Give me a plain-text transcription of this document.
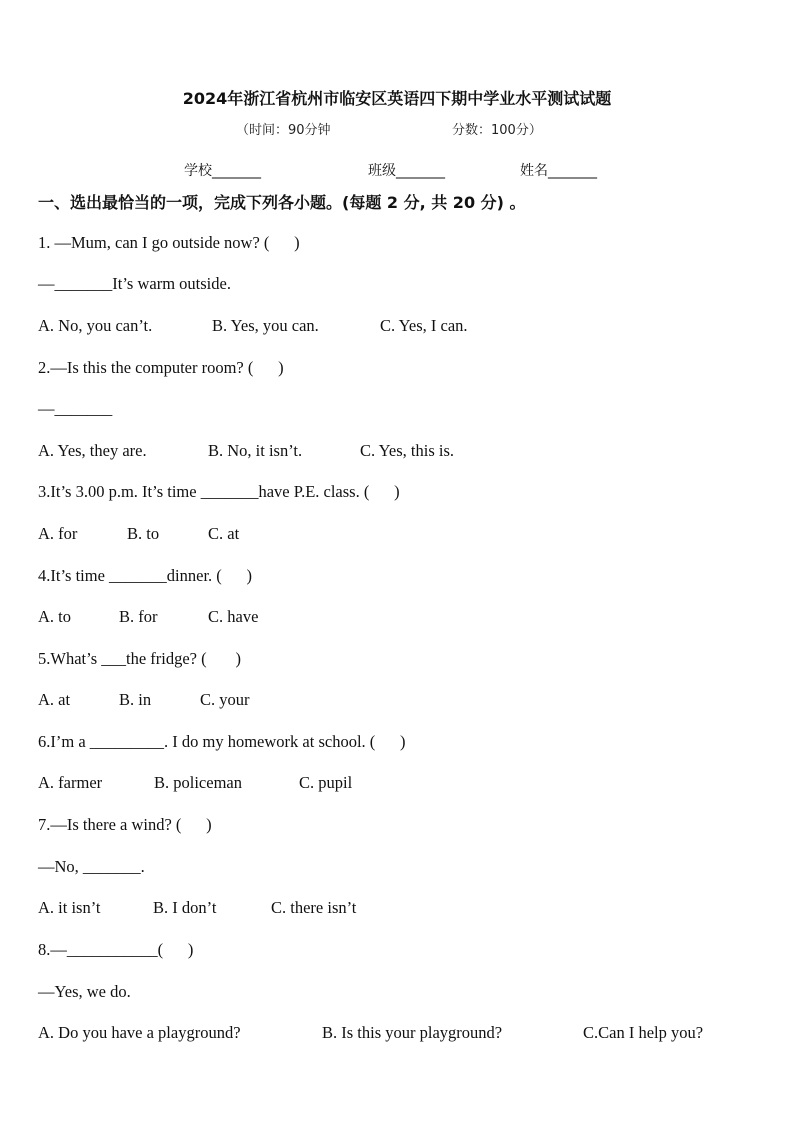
2024年浙江省杭州市临安区英语四下期中学业水平测试试题
（时间：90分钟	分数：100分）
学校_______	班级_______	姓名_______
一、选出最恰当的一项，完成下列各小题。(每题 2 分, 共 20 分) 。
1. —Mum, can I go outside now? (      )
—_______It’s warm outside.
A. No, you can’t.	B. Yes, you can.	C. Yes, I can.
2.—Is this the computer room? (      )
—_______
A. Yes, they are.	B. No, it isn’t.	C. Yes, this is.
3.It’s 3.00 p.m. It’s time _______have P.E. class. (      )
A. for	B. to	C. at
4.It’s time _______dinner. (      )
A. to	B. for	C. have
5.What’s ___the fridge? (       )
A. at	B. in	C. your
6.I’m a _________. I do my homework at school. (      )
A. farmer	B. policeman	C. pupil
7.—Is there a wind? (      )
—No, _______.
A. it isn’t	B. I don’t	C. there isn’t
8.—___________(      )
—Yes, we do.
A. Do you have a playground?	B. Is this your playground?	C.Can I help you?
